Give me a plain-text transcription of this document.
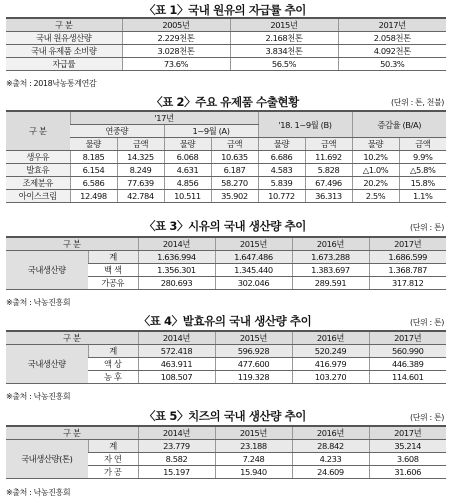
〈표 1〉국내 원유의 자급률 추이
구 분	2005년	2015년	2017년
국내 원유생산량	2.229천톤	2.168천톤	2.058천톤
국내 유제품 소비량	3.028천톤	3.834천톤	4.092천톤
자급률	73.6%	56.5%	50.3%
※출처 : 2018낙농통계연감
〈표 2〉주요 유제품 수출현황	(단위 : 톤, 천불)
구 분	'17년				'18. 1~9월 (B)		증감율 (B/A)	
	연중량		1~9월 (A)					
	물량	금액	물량	금액	물량	금액	물량	금액
생우유	8.185	14.325	6.068	10.635	6.686	11.692	10.2%	9.9%
발효유	6.154	8.249	4.631	6.187	4.583	5.828	△1.0%	△5.8%
조제분유	6.586	77.639	4.856	58.270	5.839	67.496	20.2%	15.8%
아이스크림	12.498	42.784	10.511	35.902	10.772	36.313	2.5%	1.1%
〈표 3〉시유의 국내 생산량 추이	(단위 : 톤)
구 분		2014년	2015년	2016년	2017년
국내생산량	계	1.636.994	1.647.486	1.673.288	1.686.599
	백 색	1.356.301	1.345.440	1.383.697	1.368.787
	가공유	280.693	302.046	289.591	317.812
※출처 : 낙농진흥회
〈표 4〉발효유의 국내 생산량 추이	(단위 : 톤)
구 분		2014년	2015년	2016년	2017년
국내생산량	계	572.418	596.928	520.249	560.990
	액 상	463.911	477.600	416.979	446.389
	농 후	108.507	119.328	103.270	114.601
※출처 : 낙농진흥회
〈표 5〉치즈의 국내 생산량 추이	(단위 : 톤)
구 분		2014년	2015년	2016년	2017년
국내생산량(톤)	계	23.779	23.188	28.842	35.214
	자 연	8.582	7.248	4.233	3.608
	가 공	15.197	15.940	24.609	31.606
※출처 : 낙농진흥회
